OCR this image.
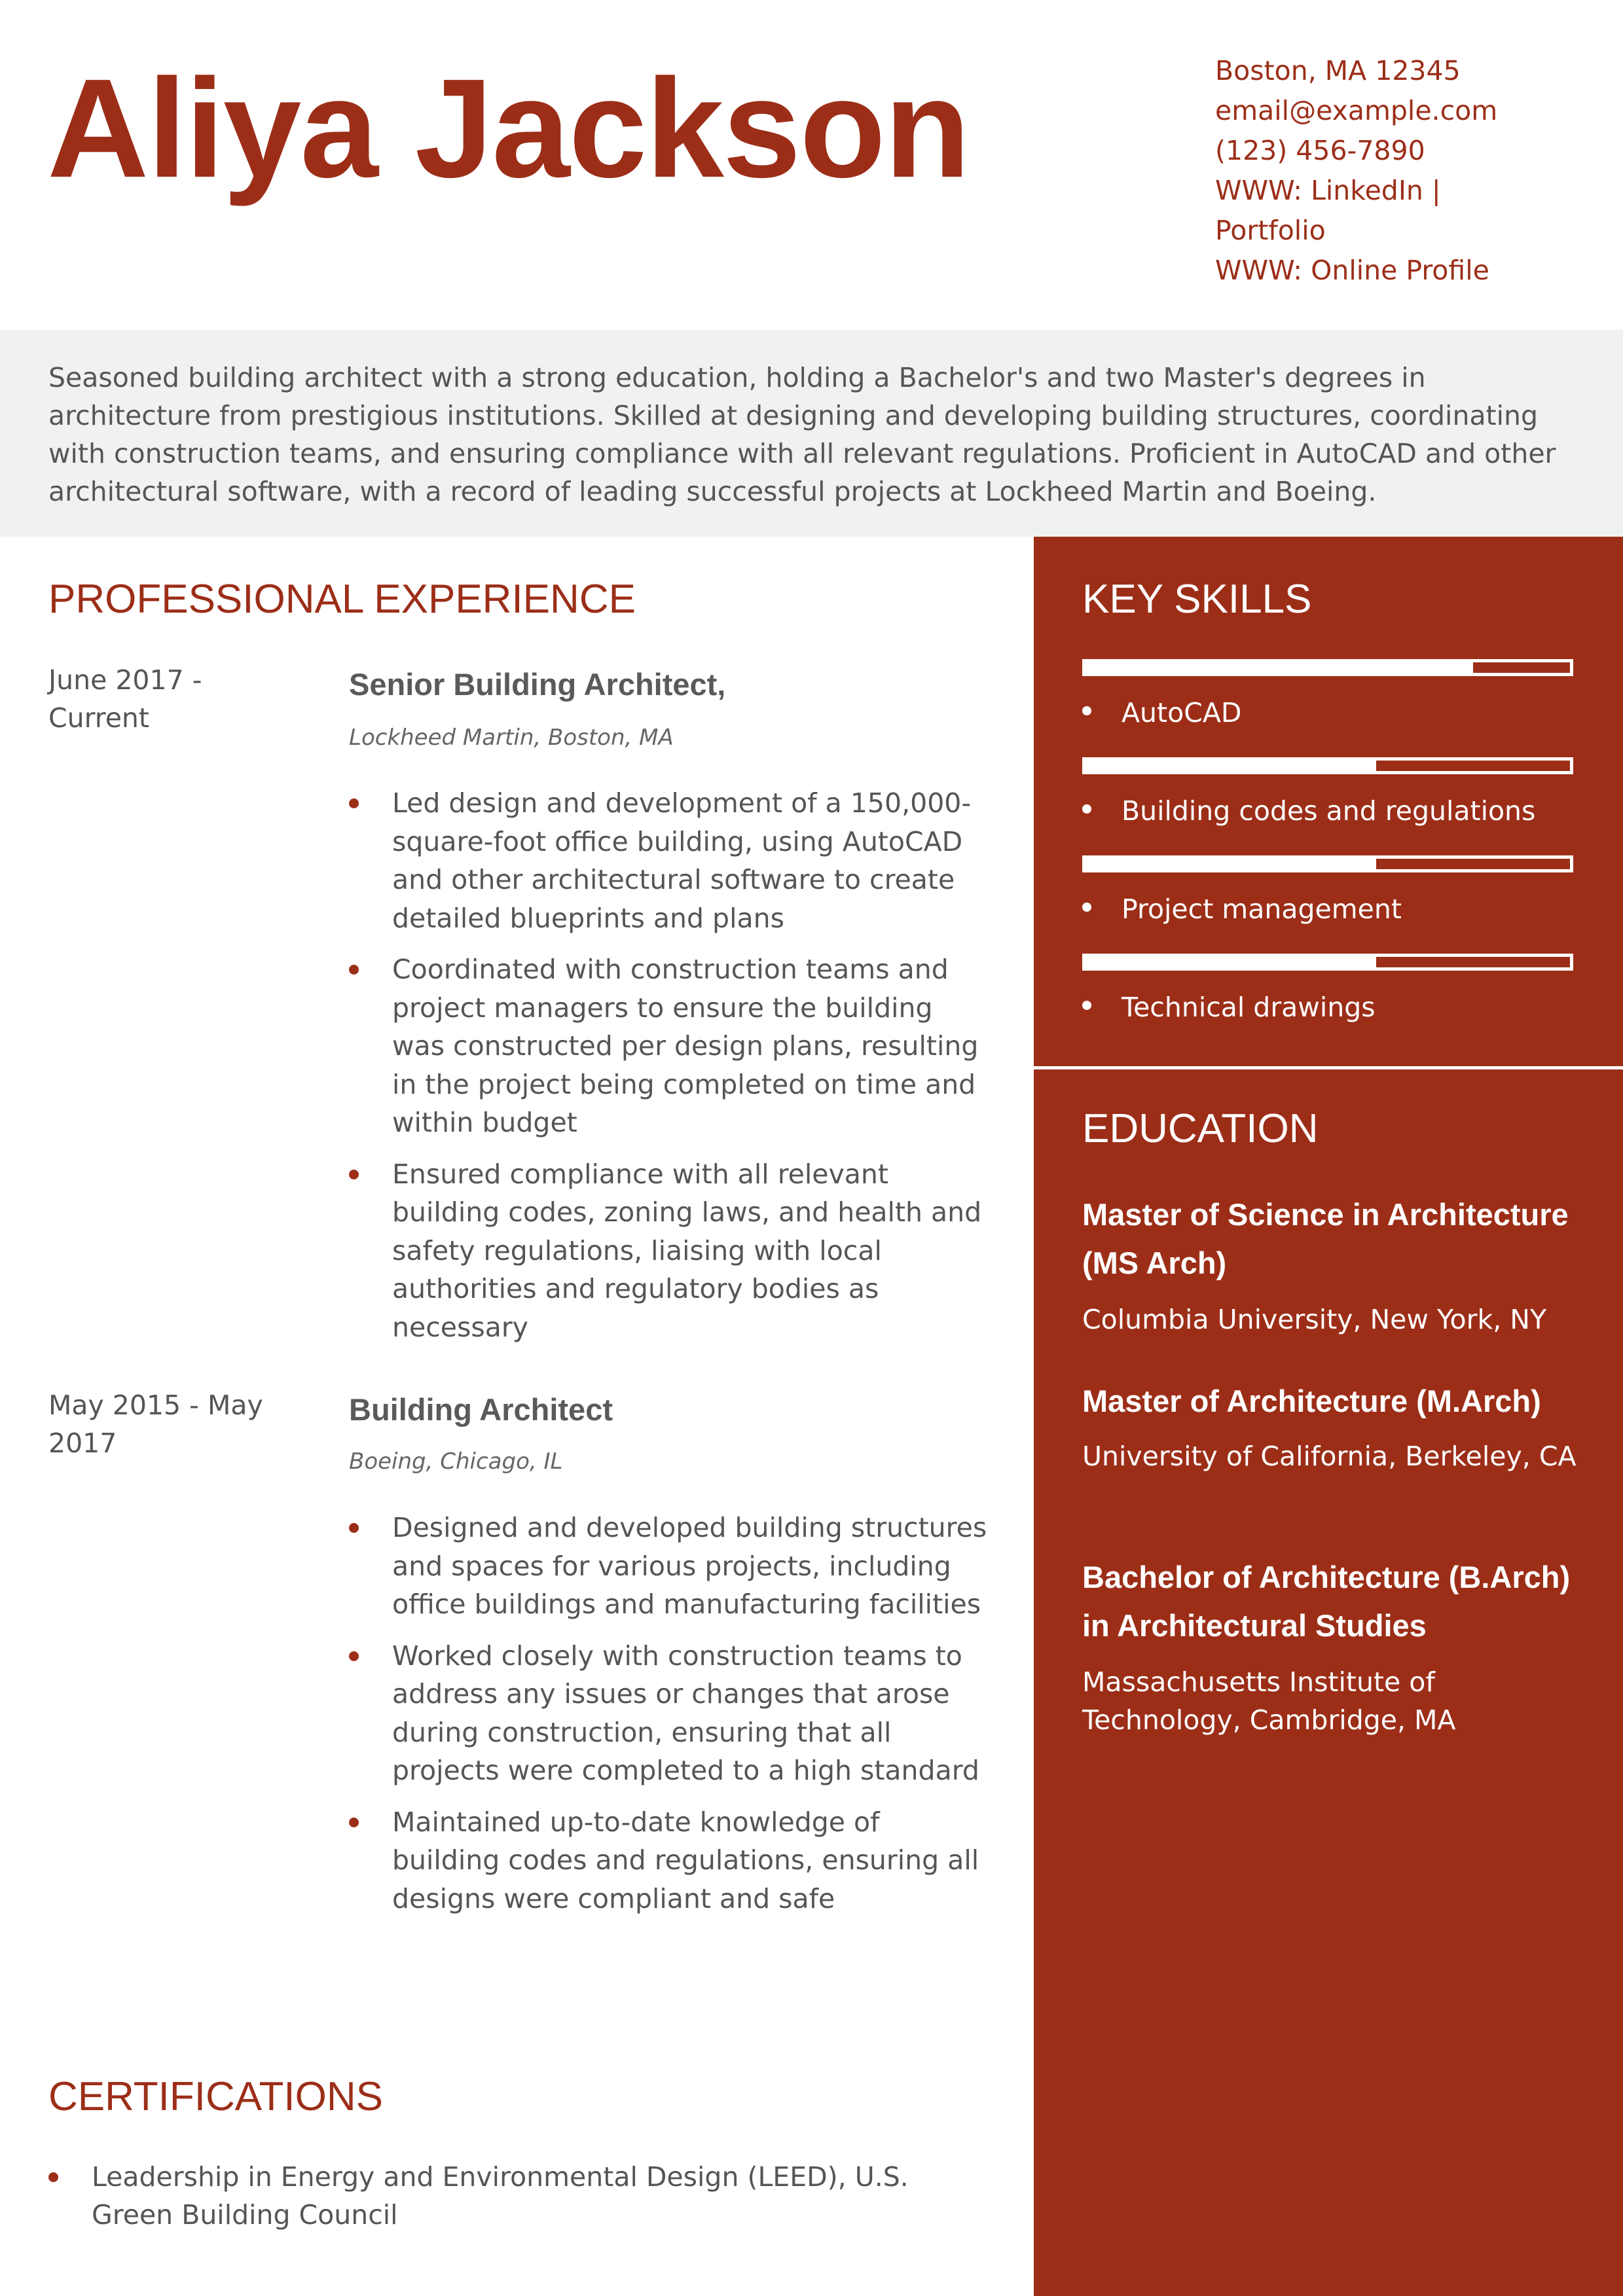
Aliya Jackson	Boston, MA 12345
email@example.com
(123) 456-7890
WWW: LinkedIn |
Portfolio
WWW: Online Profile
Seasoned building architect with a strong education, holding a Bachelor's and two Master's degrees in architecture from prestigious institutions. Skilled at designing and developing building structures, coordinating with construction teams, and ensuring compliance with all relevant regulations. Proficient in AutoCAD and other architectural software, with a record of leading successful projects at Lockheed Martin and Boeing.
KEY SKILLS
AutoCAD
Building codes and regulations
Project management
Technical drawings
EDUCATION
Master of Science in Architecture (MS Arch)
Columbia University, New York, NY
Master of Architecture (M.Arch)
University of California, Berkeley, CA
Bachelor of Architecture (B.Arch) in Architectural Studies
Massachusetts Institute of Technology, Cambridge, MA
PROFESSIONAL EXPERIENCE
June 2017 -
Current
Senior Building Architect,
Lockheed Martin, Boston, MA
Led design and development of a 150,000-square-foot office building, using AutoCAD and other architectural software to create detailed blueprints and plans
Coordinated with construction teams and project managers to ensure the building was constructed per design plans, resulting in the project being completed on time and within budget
Ensured compliance with all relevant building codes, zoning laws, and health and safety regulations, liaising with local authorities and regulatory bodies as necessary
May 2015 - May
2017
Building Architect
Boeing, Chicago, IL
Designed and developed building structures and spaces for various projects, including office buildings and manufacturing facilities
Worked closely with construction teams to address any issues or changes that arose during construction, ensuring that all projects were completed to a high standard
Maintained up-to-date knowledge of building codes and regulations, ensuring all designs were compliant and safe
CERTIFICATIONS
Leadership in Energy and Environmental Design (LEED), U.S. Green Building Council
